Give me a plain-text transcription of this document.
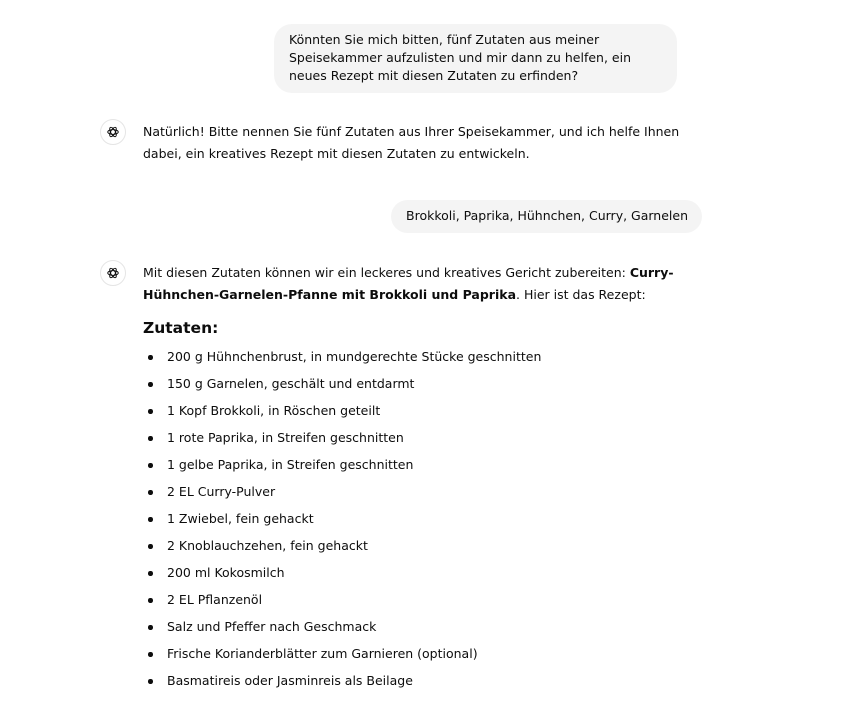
Könnten Sie mich bitten, fünf Zutaten aus meiner Speisekammer aufzulisten und mir dann zu helfen, ein neues Rezept mit diesen Zutaten zu erfinden?
Natürlich! Bitte nennen Sie fünf Zutaten aus Ihrer Speisekammer, und ich helfe Ihnen dabei, ein kreatives Rezept mit diesen Zutaten zu entwickeln.
Brokkoli, Paprika, Hühnchen, Curry, Garnelen
Mit diesen Zutaten können wir ein leckeres und kreatives Gericht zubereiten: Curry-Hühnchen-Garnelen-Pfanne mit Brokkoli und Paprika. Hier ist das Rezept:
Zutaten:
200 g Hühnchenbrust, in mundgerechte Stücke geschnitten
150 g Garnelen, geschält und entdarmt
1 Kopf Brokkoli, in Röschen geteilt
1 rote Paprika, in Streifen geschnitten
1 gelbe Paprika, in Streifen geschnitten
2 EL Curry-Pulver
1 Zwiebel, fein gehackt
2 Knoblauchzehen, fein gehackt
200 ml Kokosmilch
2 EL Pflanzenöl
Salz und Pfeffer nach Geschmack
Frische Korianderblätter zum Garnieren (optional)
Basmatireis oder Jasminreis als Beilage
